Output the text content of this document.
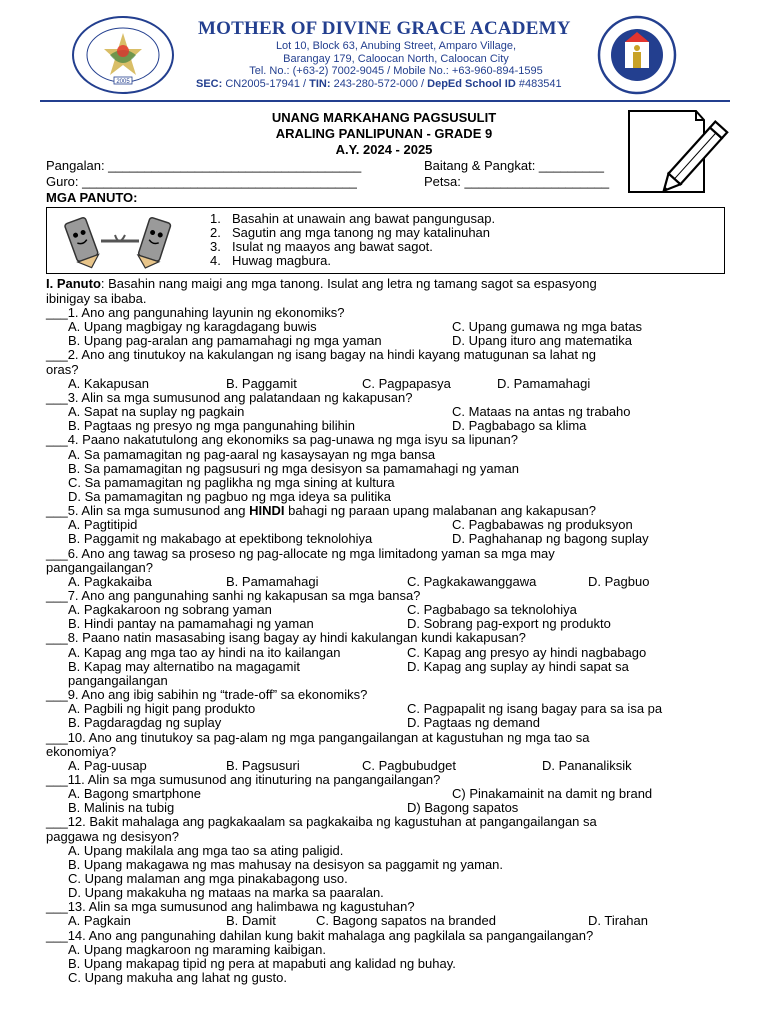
2005
MOTHER OF DIVINE GRACE ACADEMY
Lot 10, Block 63, Anubing Street, Amparo Village,
Barangay 179, Caloocan North, Caloocan City
Tel. No.: (+63-2) 7002-9045 / Mobile No.: +63-960-894-1595
SEC: CN2005-17941 / TIN: 243-280-572-000 / DepEd School ID #483541
UNANG MARKAHANG PAGSUSULIT
ARALING PANLIPUNAN - GRADE 9
A.Y. 2024 - 2025
Pangalan: ___________________________________
Guro: ______________________________________
Baitang & Pangkat: _________
Petsa: ____________________
MGA PANUTO:
1. Basahin at unawain ang bawat pangungusap.
2. Sagutin ang mga tanong ng may katalinuhan
3. Isulat ng maayos ang bawat sagot.
4. Huwag magbura.
I. Panuto: Basahin nang maigi ang mga tanong. Isulat ang letra ng tamang sagot sa espasyong
ibinigay sa ibaba.
___1. Ano ang pangunahing layunin ng ekonomiks?
A. Upang magbigay ng karagdagang buwis	C. Upang gumawa ng mga batas
B. Upang pag-aralan ang pamamahagi ng mga yaman	D. Upang ituro ang matematika
___2. Ano ang tinutukoy na kakulangan ng isang bagay na hindi kayang matugunan sa lahat ng
oras?
A. Kakapusan	B. Paggamit	C. Pagpapasya	D. Pamamahagi
___3. Alin sa mga sumusunod ang palatandaan ng kakapusan?
A. Sapat na suplay ng pagkain	C. Mataas na antas ng trabaho
B. Pagtaas ng presyo ng mga pangunahing bilihin	D. Pagbabago sa klima
___4. Paano nakatutulong ang ekonomiks sa pag-unawa ng mga isyu sa lipunan?
A. Sa pamamagitan ng pag-aaral ng kasaysayan ng mga bansa
B. Sa pamamagitan ng pagsusuri ng mga desisyon sa pamamahagi ng yaman
C. Sa pamamagitan ng paglikha ng mga sining at kultura
D. Sa pamamagitan ng pagbuo ng mga ideya sa pulitika
___5. Alin sa mga sumusunod ang HINDI bahagi ng paraan upang malabanan ang kakapusan?
A. Pagtitipid	C. Pagbabawas ng produksyon
B. Paggamit ng makabago at epektibong teknolohiya	D. Paghahanap ng bagong suplay
___6. Ano ang tawag sa proseso ng pag-allocate ng mga limitadong yaman sa mga may
pangangailangan?
A. Pagkakaiba	B. Pamamahagi	C. Pagkakawanggawa	D. Pagbuo
___7. Ano ang pangunahing sanhi ng kakapusan sa mga bansa?
A. Pagkakaroon ng sobrang yaman	C. Pagbabago sa teknolohiya
B. Hindi pantay na pamamahagi ng yaman	D. Sobrang pag-export ng produkto
___8. Paano natin masasabing isang bagay ay hindi kakulangan kundi kakapusan?
A. Kapag ang mga tao ay hindi na ito kailangan	C. Kapag ang presyo ay hindi nagbabago
B. Kapag may alternatibo na magagamit	D. Kapag ang suplay ay hindi sapat sa
pangangailangan
___9. Ano ang ibig sabihin ng “trade-off” sa ekonomiks?
A. Pagbili ng higit pang produkto	C. Pagpapalit ng isang bagay para sa isa pa
B. Pagdaragdag ng suplay	D. Pagtaas ng demand
___10. Ano ang tinutukoy sa pag-alam ng mga pangangailangan at kagustuhan ng mga tao sa
ekonomiya?
A. Pag-uusap	B. Pagsusuri	C. Pagbubudget	D. Pananaliksik
___11. Alin sa mga sumusunod ang itinuturing na pangangailangan?
A. Bagong smartphone	C) Pinakamainit na damit ng brand
B. Malinis na tubig	D) Bagong sapatos
___12. Bakit mahalaga ang pagkakaalam sa pagkakaiba ng kagustuhan at pangangailangan sa
paggawa ng desisyon?
A. Upang makilala ang mga tao sa ating paligid.
B. Upang makagawa ng mas mahusay na desisyon sa paggamit ng yaman.
C. Upang malaman ang mga pinakabagong uso.
D. Upang makakuha ng mataas na marka sa paaralan.
___13. Alin sa mga sumusunod ang halimbawa ng kagustuhan?
A. Pagkain	B. Damit	C. Bagong sapatos na branded	D. Tirahan
___14. Ano ang pangunahing dahilan kung bakit mahalaga ang pagkilala sa pangangailangan?
A. Upang magkaroon ng maraming kaibigan.
B. Upang makapag tipid ng pera at mapabuti ang kalidad ng buhay.
C. Upang makuha ang lahat ng gusto.
